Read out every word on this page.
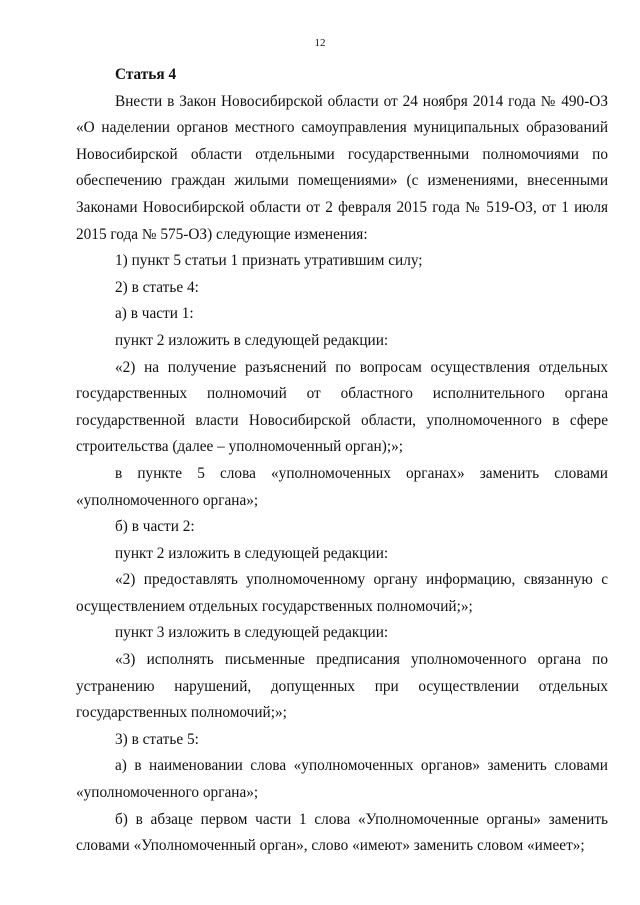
12

Статья 4

Внести в Закон Новосибирской области от 24 ноября 2014 года № 490-ОЗ «О наделении органов местного самоуправления муниципальных образований Новосибирской области отдельными государственными полномочиями по обеспечению граждан жилыми помещениями» (с изменениями, внесенными Законами Новосибирской области от 2 февраля 2015 года № 519-ОЗ, от 1 июля 2015 года № 575-ОЗ) следующие изменения:

1) пункт 5 статьи 1 признать утратившим силу;

2) в статье 4:

а) в части 1:

пункт 2 изложить в следующей редакции:

«2) на получение разъяснений по вопросам осуществления отдельных государственных полномочий от областного исполнительного органа государственной власти Новосибирской области, уполномоченного в сфере строительства (далее – уполномоченный орган);»;

в пункте 5 слова «уполномоченных органах» заменить словами «уполномоченного органа»;

б) в части 2:

пункт 2 изложить в следующей редакции:

«2) предоставлять уполномоченному органу информацию, связанную с осуществлением отдельных государственных полномочий;»;

пункт 3 изложить в следующей редакции:

«3) исполнять письменные предписания уполномоченного органа по устранению нарушений, допущенных при осуществлении отдельных государственных полномочий;»;

3) в статье 5:

а) в наименовании слова «уполномоченных органов» заменить словами «уполномоченного органа»;

б) в абзаце первом части 1 слова «Уполномоченные органы» заменить словами «Уполномоченный орган», слово «имеют» заменить словом «имеет»;
